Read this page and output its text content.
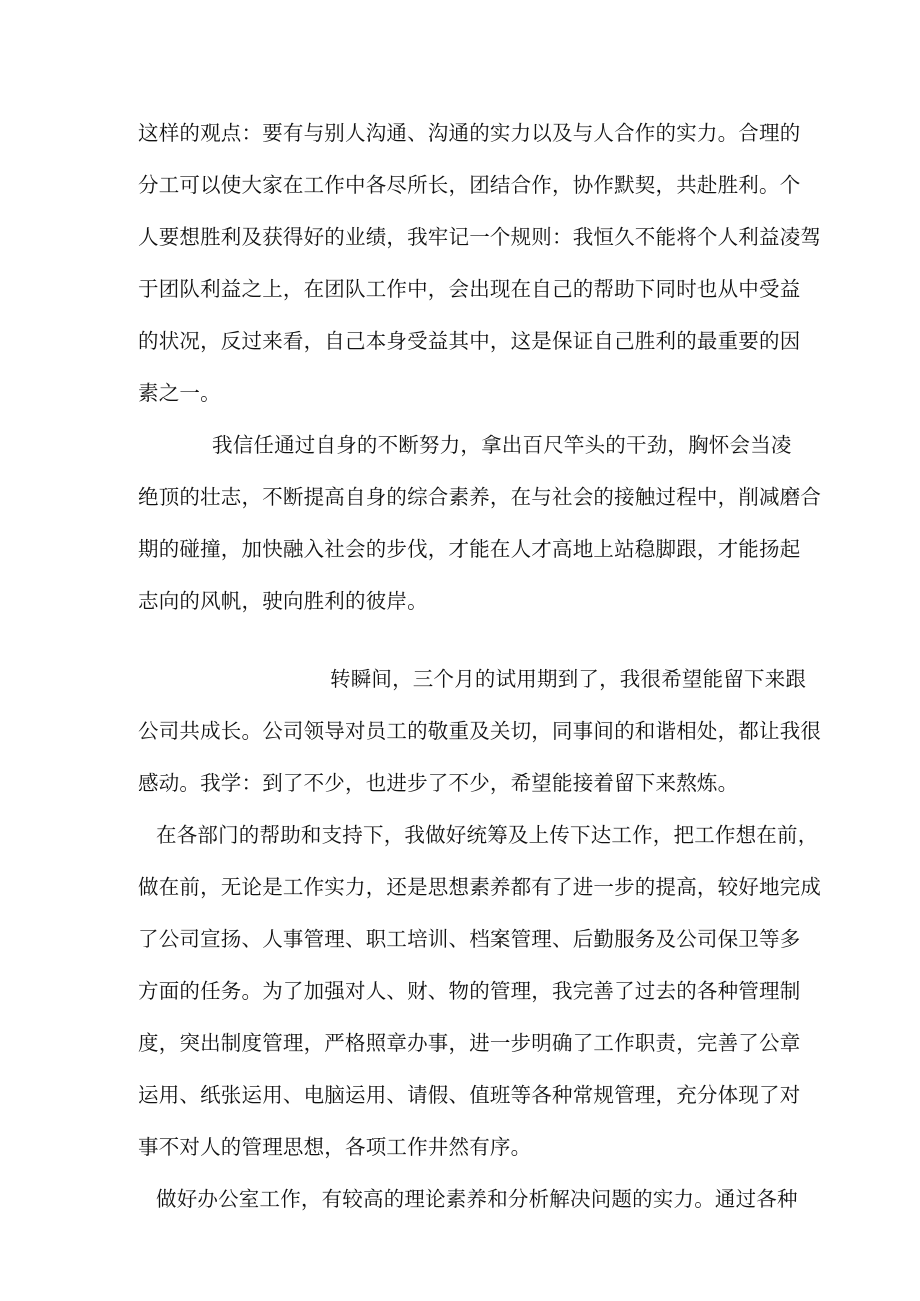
这样的观点：要有与别人沟通、沟通的实力以及与人合作的实力。合理的
分工可以使大家在工作中各尽所长，团结合作，协作默契，共赴胜利。个
人要想胜利及获得好的业绩，我牢记一个规则：我恒久不能将个人利益凌驾
于团队利益之上，在团队工作中，会出现在自己的帮助下同时也从中受益
的状况，反过来看，自己本身受益其中，这是保证自己胜利的最重要的因
素之一。
我信任通过自身的不断努力，拿出百尺竿头的干劲，胸怀会当凌
绝顶的壮志，不断提高自身的综合素养，在与社会的接触过程中，削减磨合
期的碰撞，加快融入社会的步伐，才能在人才高地上站稳脚跟，才能扬起
志向的风帆，驶向胜利的彼岸。
转瞬间，三个月的试用期到了，我很希望能留下来跟
公司共成长。公司领导对员工的敬重及关切，同事间的和谐相处，都让我很
感动。我学：到了不少，也进步了不少，希望能接着留下来熬炼。
在各部门的帮助和支持下，我做好统筹及上传下达工作，把工作想在前，
做在前，无论是工作实力，还是思想素养都有了进一步的提高，较好地完成
了公司宣扬、人事管理、职工培训、档案管理、后勤服务及公司保卫等多
方面的任务。为了加强对人、财、物的管理，我完善了过去的各种管理制
度，突出制度管理，严格照章办事，进一步明确了工作职责，完善了公章
运用、纸张运用、电脑运用、请假、值班等各种常规管理，充分体现了对
事不对人的管理思想，各项工作井然有序。
做好办公室工作，有较高的理论素养和分析解决问题的实力。通过各种
